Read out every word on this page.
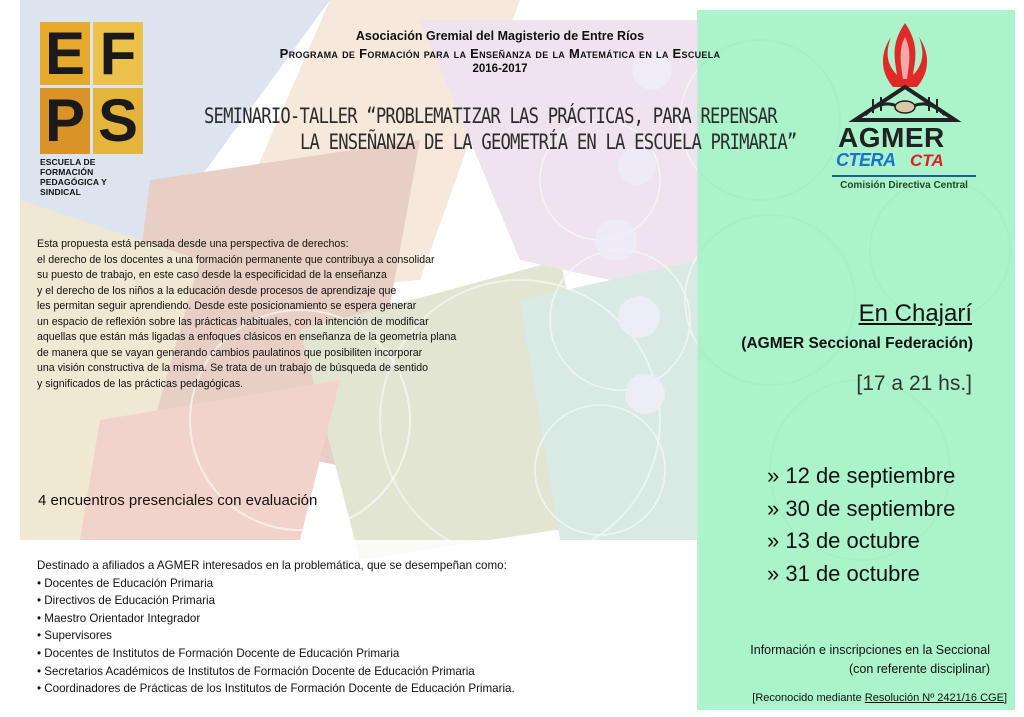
E F
P S
ESCUELA DE FORMACIÓN
PEDAGÓGICA Y SINDICAL
Asociación Gremial del Magisterio de Entre Ríos
Programa de Formación para la Enseñanza de la Matemática en la Escuela
2016-2017
SEMINARIO-TALLER “PROBLEMATIZAR LAS PRÁCTICAS, PARA REPENSAR
LA ENSEÑANZA DE LA GEOMETRÍA EN LA ESCUELA PRIMARIA”
Esta propuesta está pensada desde una perspectiva de derechos:
el derecho de los docentes a una formación permanente que contribuya a consolidar
su puesto de trabajo, en este caso desde la especificidad de la enseñanza
y el derecho de los niños a la educación desde procesos de aprendizaje que
les permitan seguir aprendiendo. Desde este posicionamiento se espera generar
un espacio de reflexión sobre las prácticas habituales, con la intención de modificar
aquellas que están más ligadas a enfoques clásicos en enseñanza de la geometría plana
de manera que se vayan generando cambios paulatinos que posibiliten incorporar
una visión constructiva de la misma. Se trata de un trabajo de búsqueda de sentido
y significados de las prácticas pedagógicas.
4 encuentros presenciales con evaluación
Destinado a afiliados a AGMER interesados en la problemática, que se desempeñan como:
• Docentes de Educación Primaria
• Directivos de Educación Primaria
• Maestro Orientador Integrador
• Supervisores
• Docentes de Institutos de Formación Docente de Educación Primaria
• Secretarios Académicos de Institutos de Formación Docente de Educación Primaria
• Coordinadores de Prácticas de los Institutos de Formación Docente de Educación Primaria.
AGMER
CTERA CTA
Comisión Directiva Central
En Chajarí
(AGMER Seccional Federación)
[17 a 21 hs.]
» 12 de septiembre
» 30 de septiembre
» 13 de octubre
» 31 de octubre
Información e inscripciones en la Seccional
(con referente disciplinar)
[Reconocido mediante Resolución Nº 2421/16 CGE]
